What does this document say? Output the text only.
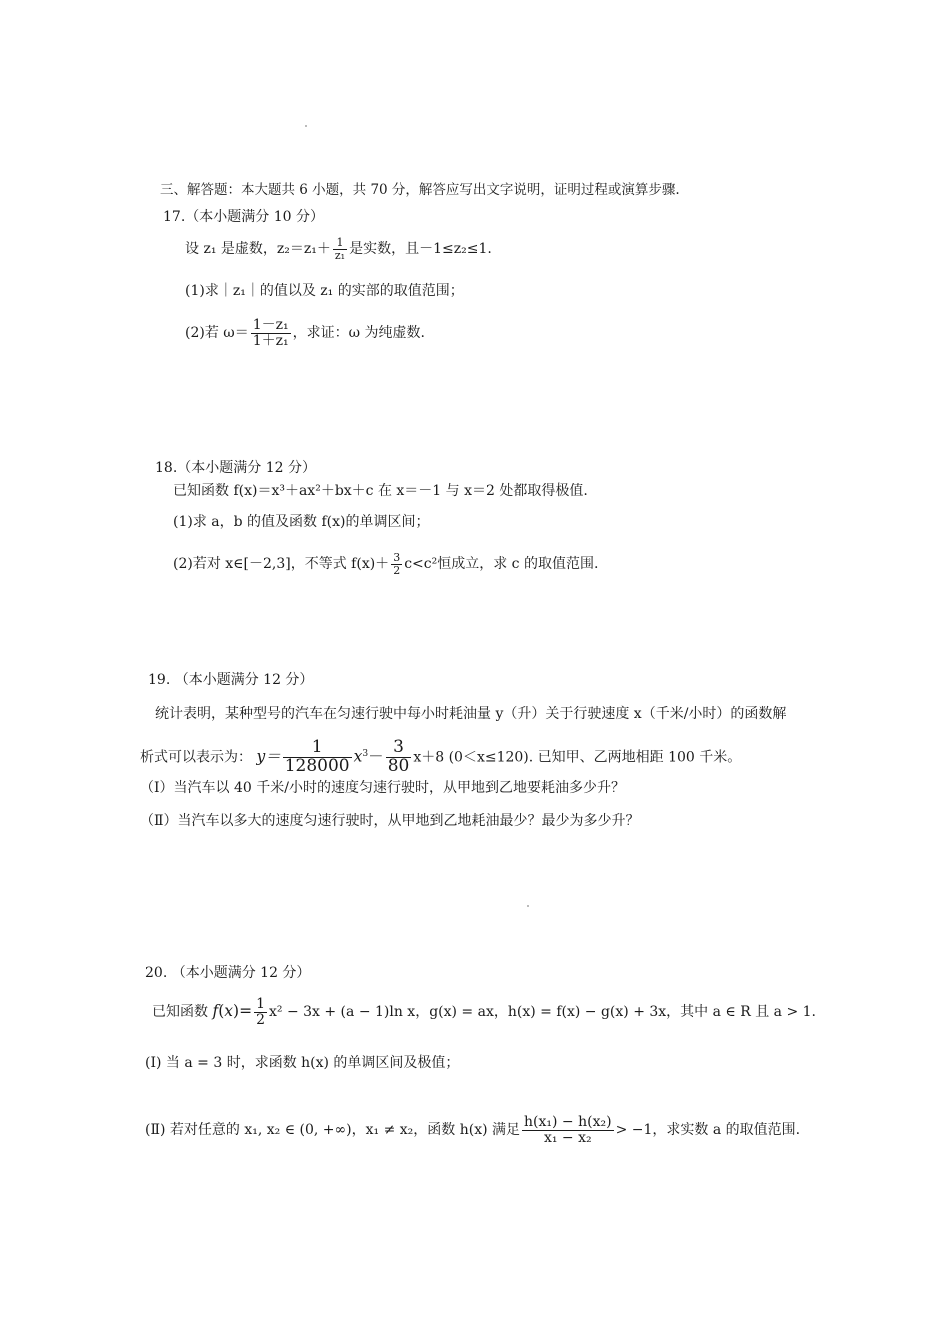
三、解答题：本大题共 6 小题，共 70 分，解答应写出文字说明，证明过程或演算步骤.
17.（本小题满分 10 分）
设 z₁ 是虚数，$z_2=z_1+ \frac{1}{\text{z₁}}$ 是实数，且－1≤z₂≤1.
(1)求｜z₁｜的值以及 z₁ 的实部的取值范围；
(2)若 $\omega= \frac{\text{1－z₁}}{\text{1＋z₁}}$ ，求证：ω 为纯虚数.
18.（本小题满分 12 分）
已知函数 f(x)＝x³＋ax²＋bx＋c 在 x＝－1 与 x＝2 处都取得极值.
(1)求 a，b 的值及函数 f(x)的单调区间；
(2)若对 x∈[－2,3]，不等式 $f(x)+ \frac{3}{2} c<c^2$恒成立，求 c 的取值范围.
19. （本小题满分 12 分）
统计表明，某种型号的汽车在匀速行驶中每小时耗油量 y（升）关于行驶速度 x（千米/小时）的函数解
析式可以表示为： $y= \frac{1}{128000} x^3- \frac{3}{80} x+8$ (0＜x≤120). 已知甲、乙两地相距 100 千米。
（Ⅰ）当汽车以 40 千米/小时的速度匀速行驶时，从甲地到乙地要耗油多少升？
（Ⅱ）当汽车以多大的速度匀速行驶时，从甲地到乙地耗油最少？最少为多少升？
20. （本小题满分 12 分）
已知函数 $f(x)= \frac{1}{2} x^2 - 3x + (a - 1)\ln$ x，g(x) = ax，h(x) = f(x) − g(x) + 3x，其中 a ∈ R 且 a > 1.
(Ⅰ) 当 a = 3 时，求函数 h(x) 的单调区间及极值；
(Ⅱ) 若对任意的 x₁, x₂ ∈ (0, +∞)，x₁ ≠ x₂，函数 h(x) 满足 $\frac{\text{h(x₁) − h(x₂)}}{\text{x₁ − x₂}} > -1$，求实数 a 的取值范围.
